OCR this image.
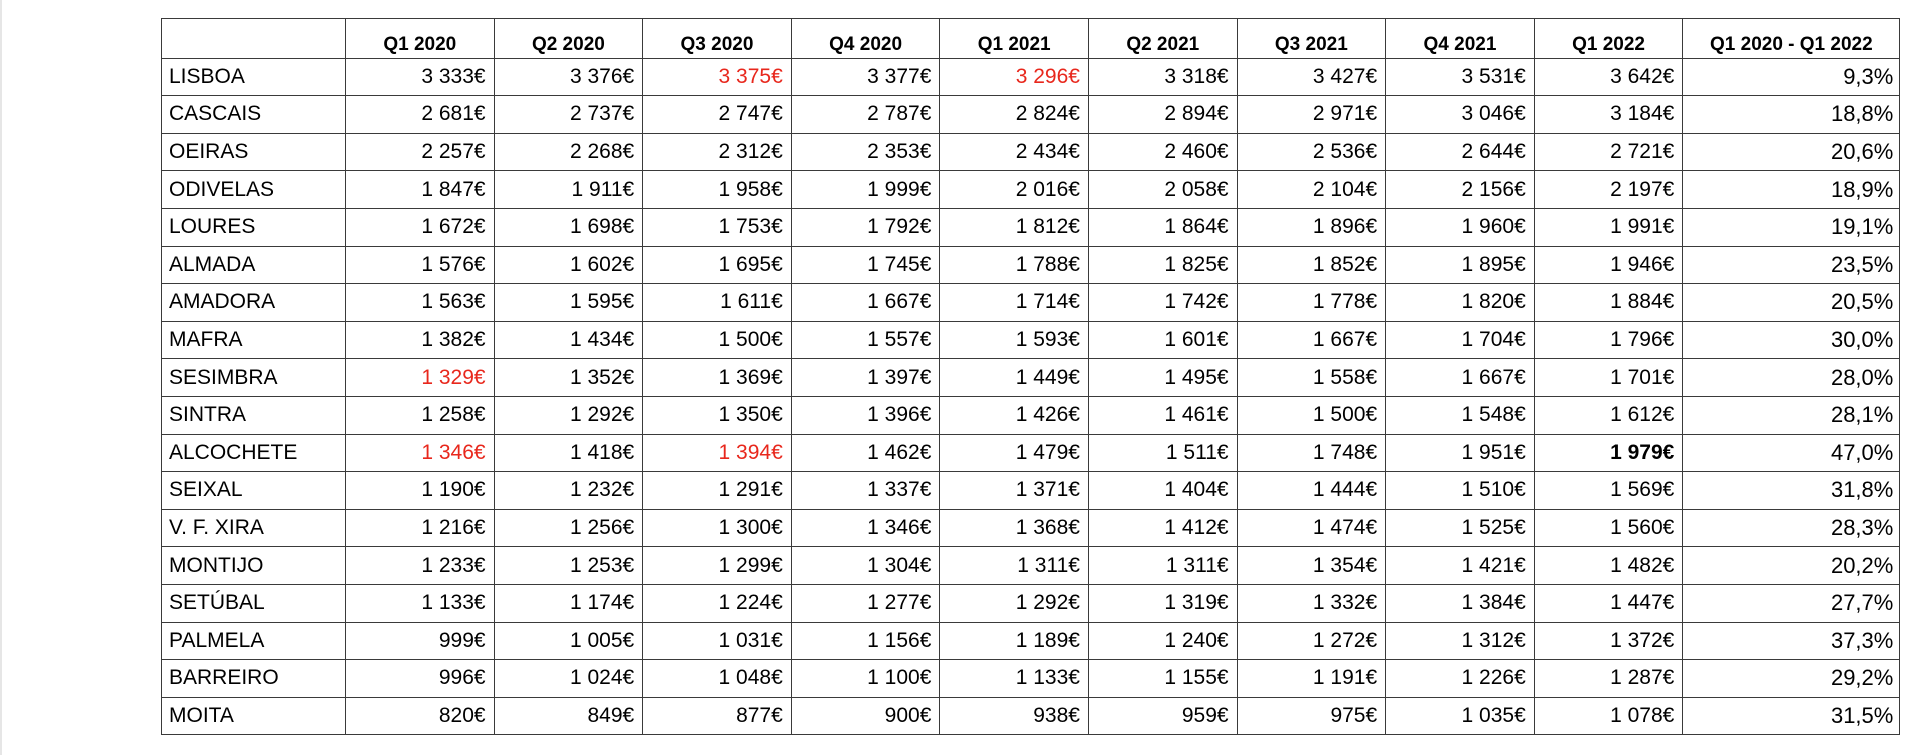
	Q1 2020	Q2 2020	Q3 2020	Q4 2020	Q1 2021	Q2 2021	Q3 2021	Q4 2021	Q1 2022	Q1 2020 - Q1 2022
LISBOA	3 333€	3 376€	3 375€	3 377€	3 296€	3 318€	3 427€	3 531€	3 642€	9,3%
CASCAIS	2 681€	2 737€	2 747€	2 787€	2 824€	2 894€	2 971€	3 046€	3 184€	18,8%
OEIRAS	2 257€	2 268€	2 312€	2 353€	2 434€	2 460€	2 536€	2 644€	2 721€	20,6%
ODIVELAS	1 847€	1 911€	1 958€	1 999€	2 016€	2 058€	2 104€	2 156€	2 197€	18,9%
LOURES	1 672€	1 698€	1 753€	1 792€	1 812€	1 864€	1 896€	1 960€	1 991€	19,1%
ALMADA	1 576€	1 602€	1 695€	1 745€	1 788€	1 825€	1 852€	1 895€	1 946€	23,5%
AMADORA	1 563€	1 595€	1 611€	1 667€	1 714€	1 742€	1 778€	1 820€	1 884€	20,5%
MAFRA	1 382€	1 434€	1 500€	1 557€	1 593€	1 601€	1 667€	1 704€	1 796€	30,0%
SESIMBRA	1 329€	1 352€	1 369€	1 397€	1 449€	1 495€	1 558€	1 667€	1 701€	28,0%
SINTRA	1 258€	1 292€	1 350€	1 396€	1 426€	1 461€	1 500€	1 548€	1 612€	28,1%
ALCOCHETE	1 346€	1 418€	1 394€	1 462€	1 479€	1 511€	1 748€	1 951€	1 979€	47,0%
SEIXAL	1 190€	1 232€	1 291€	1 337€	1 371€	1 404€	1 444€	1 510€	1 569€	31,8%
V. F. XIRA	1 216€	1 256€	1 300€	1 346€	1 368€	1 412€	1 474€	1 525€	1 560€	28,3%
MONTIJO	1 233€	1 253€	1 299€	1 304€	1 311€	1 311€	1 354€	1 421€	1 482€	20,2%
SETÚBAL	1 133€	1 174€	1 224€	1 277€	1 292€	1 319€	1 332€	1 384€	1 447€	27,7%
PALMELA	999€	1 005€	1 031€	1 156€	1 189€	1 240€	1 272€	1 312€	1 372€	37,3%
BARREIRO	996€	1 024€	1 048€	1 100€	1 133€	1 155€	1 191€	1 226€	1 287€	29,2%
MOITA	820€	849€	877€	900€	938€	959€	975€	1 035€	1 078€	31,5%
